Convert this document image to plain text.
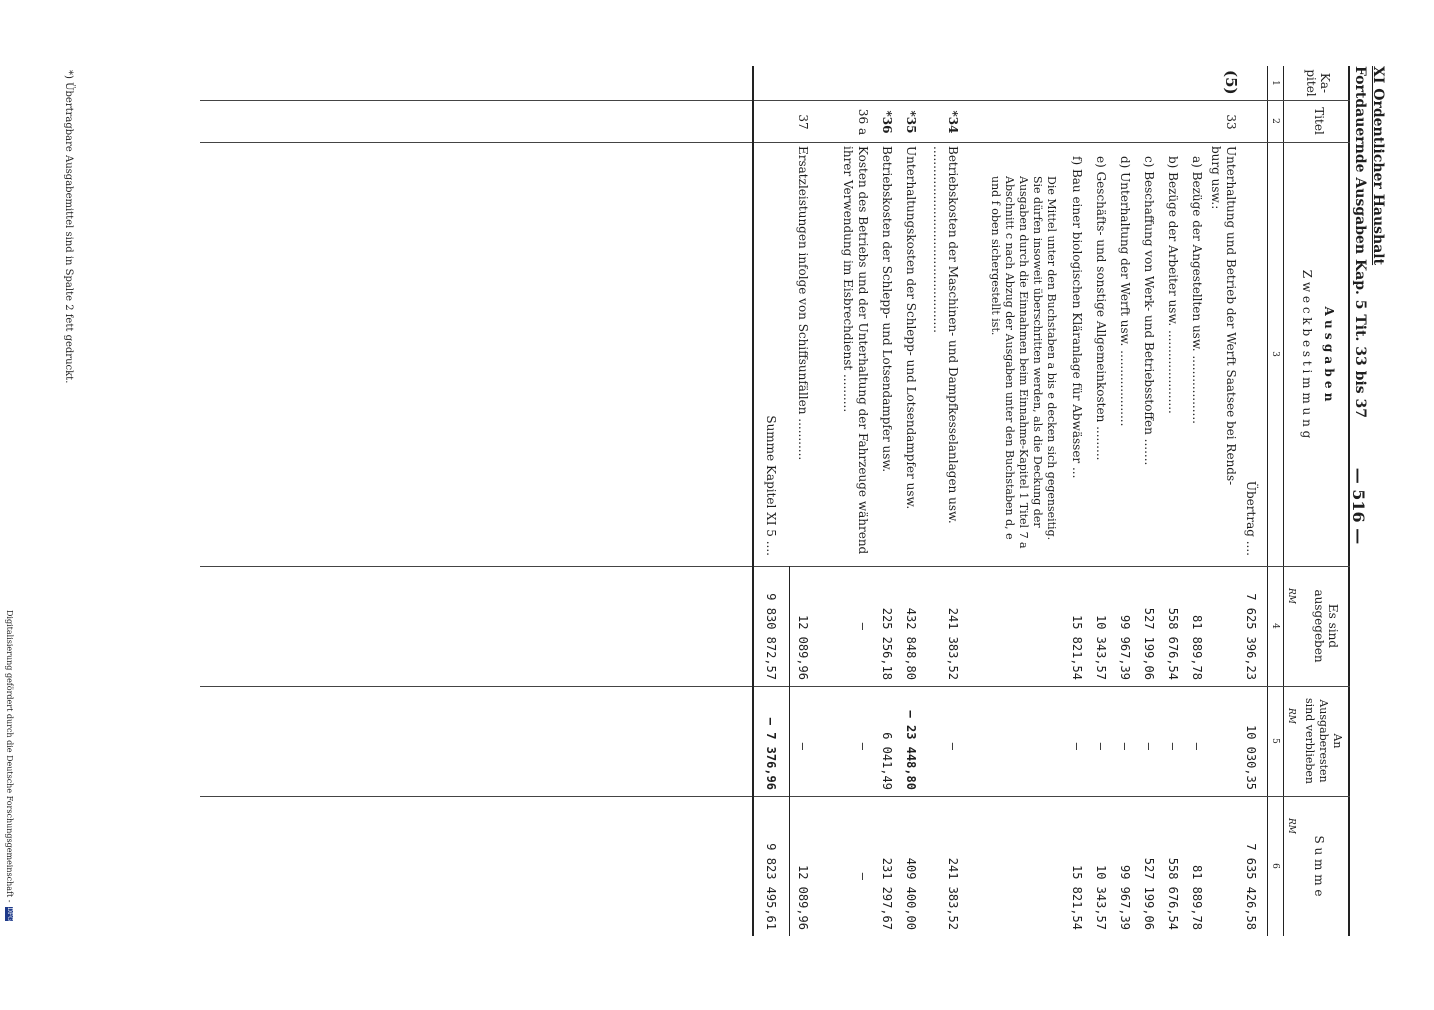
XI Ordentlicher Haushalt
Fortdauernde Ausgaben Kap. 5 Tit. 33 bis 37
— 516 —
Ka-
pitel
Titel
A u s g a b e n
Z w e c k b e s t i m m u n g
Es sind
ausgegeben
An
Ausgaberesten
sind verblieben
S u m m e
1
2
3
4
5
6
RM
RM
RM
Übertrag ....
7 625 396,23
10 030,35
7 635 426,58
(5)
33
Unterhaltung und Betrieb der Werft Saatsee bei Rends-
burg usw.:
a) Bezüge der Angestellten usw. ..................
81 889,78
—
81 889,78
b) Bezüge der Arbeiter usw. ......................
558 676,54
—
558 676,54
c) Beschaffung von Werk- und Betriebsstoffen .......
527 199,06
—
527 199,06
d) Unterhaltung der Werft usw. ....................
99 967,39
—
99 967,39
e) Geschäfts- und sonstige Allgemeinkosten .........
10 343,57
—
10 343,57
f) Bau einer biologischen Kläranlage für Abwässer ...
15 821,54
—
15 821,54
Die Mittel unter den Buchstaben a bis e decken sich gegenseitig. Sie dürfen insoweit überschritten werden, als die Deckung der Ausgaben durch die Einnahmen beim Einnahme-Kapitel 1 Titel 7 a Abschnitt c nach Abzug der Ausgaben unter den Buchstaben d, e und f oben sichergestellt ist.
*34
Betriebskosten der Maschinen- und Dampfkesselanlagen usw. .................................................
241 383,52
—
241 383,52
*35
Unterhaltungskosten der Schlepp- und Lotsendampfer usw.
432 848,80
— 23 448,80
409 400,00
*36
Betriebskosten der Schlepp- und Lotsendampfer usw.
225 256,18
6 041,49
231 297,67
36 a
Kosten des Betriebs und der Unterhaltung der Fahrzeuge während ihrer Verwendung im Eisbrechdienst ..........
—
—
—
37
Ersatzleistungen infolge von Schiffsunfällen ...........
12 089,96
—
12 089,96
Summe Kapitel XI 5 ....
9 830 872,57
— 7 376,96
9 823 495,61
*) Übertragbare Ausgabemittel sind in Spalte 2 fett gedruckt.
Digitalisierung gefördert durch die Deutsche Forschungsgemeinschaft - DFG
